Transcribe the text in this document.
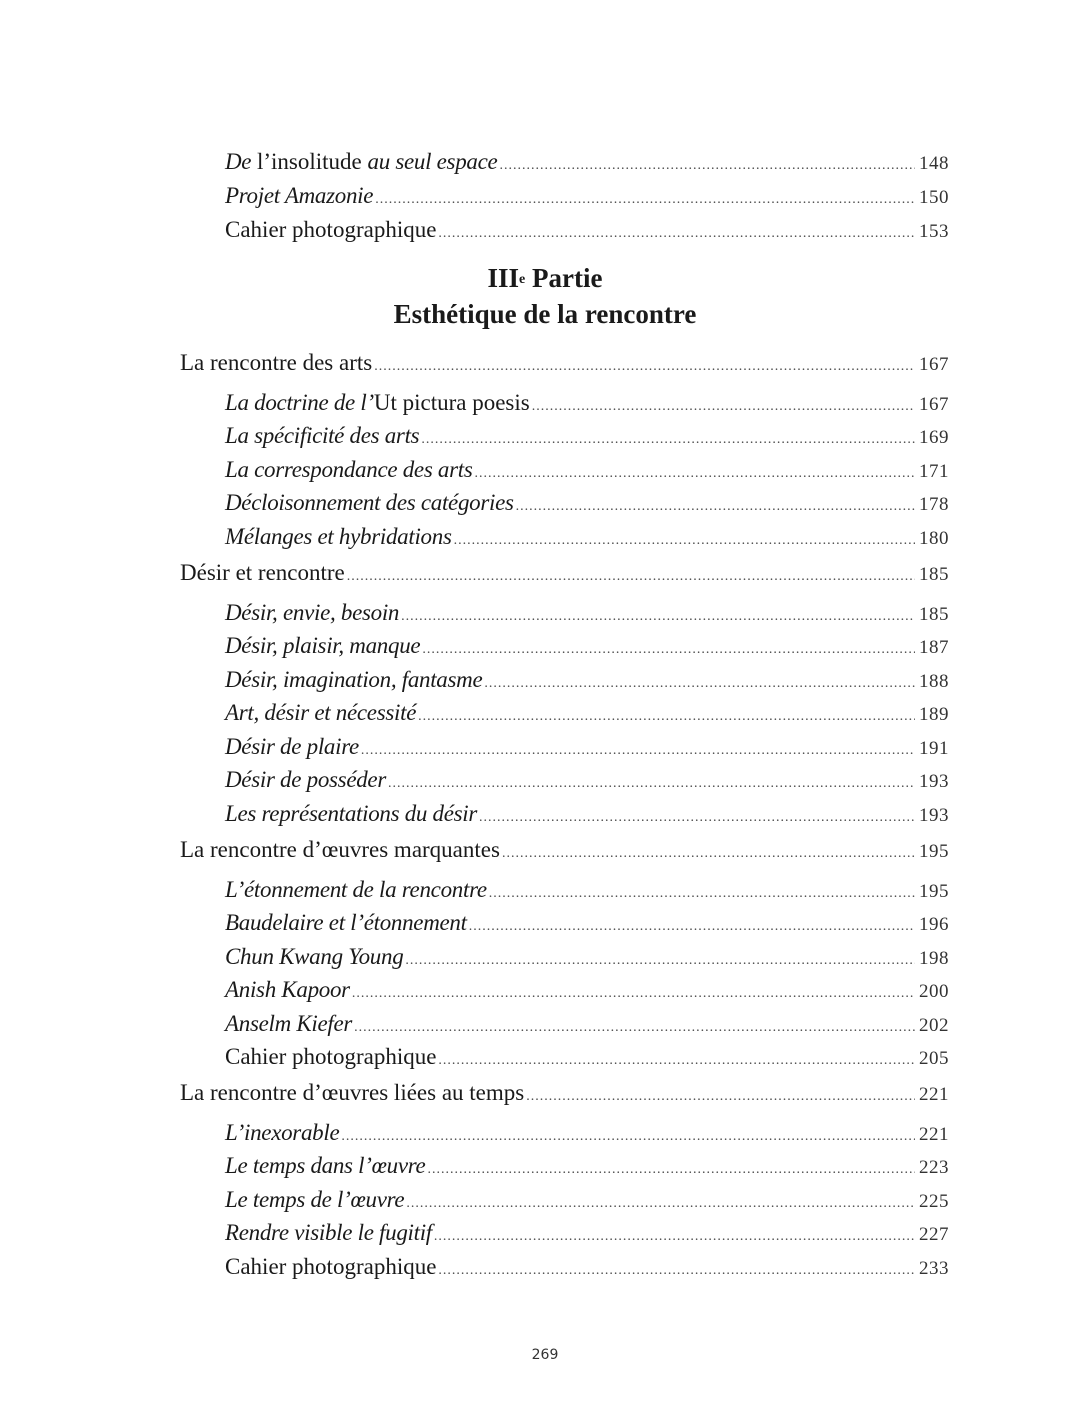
De l’insolitude au seul espace .....	148
Projet Amazonie .....	150
Cahier photographique .....	153
IIIe Partie
Esthétique de la rencontre
La rencontre des arts .....	167
La doctrine de l’Ut pictura poesis .....	167
La spécificité des arts .....	169
La correspondance des arts .....	171
Décloisonnement des catégories .....	178
Mélanges et hybridations .....	180
Désir et rencontre .....	185
Désir, envie, besoin .....	185
Désir, plaisir, manque .....	187
Désir, imagination, fantasme .....	188
Art, désir et nécessité .....	189
Désir de plaire .....	191
Désir de posséder .....	193
Les représentations du désir .....	193
La rencontre d’œuvres marquantes .....	195
L’étonnement de la rencontre .....	195
Baudelaire et l’étonnement .....	196
Chun Kwang Young .....	198
Anish Kapoor .....	200
Anselm Kiefer .....	202
Cahier photographique .....	205
La rencontre d’œuvres liées au temps .....	221
L’inexorable .....	221
Le temps dans l’œuvre .....	223
Le temps de l’œuvre .....	225
Rendre visible le fugitif .....	227
Cahier photographique .....	233
269
